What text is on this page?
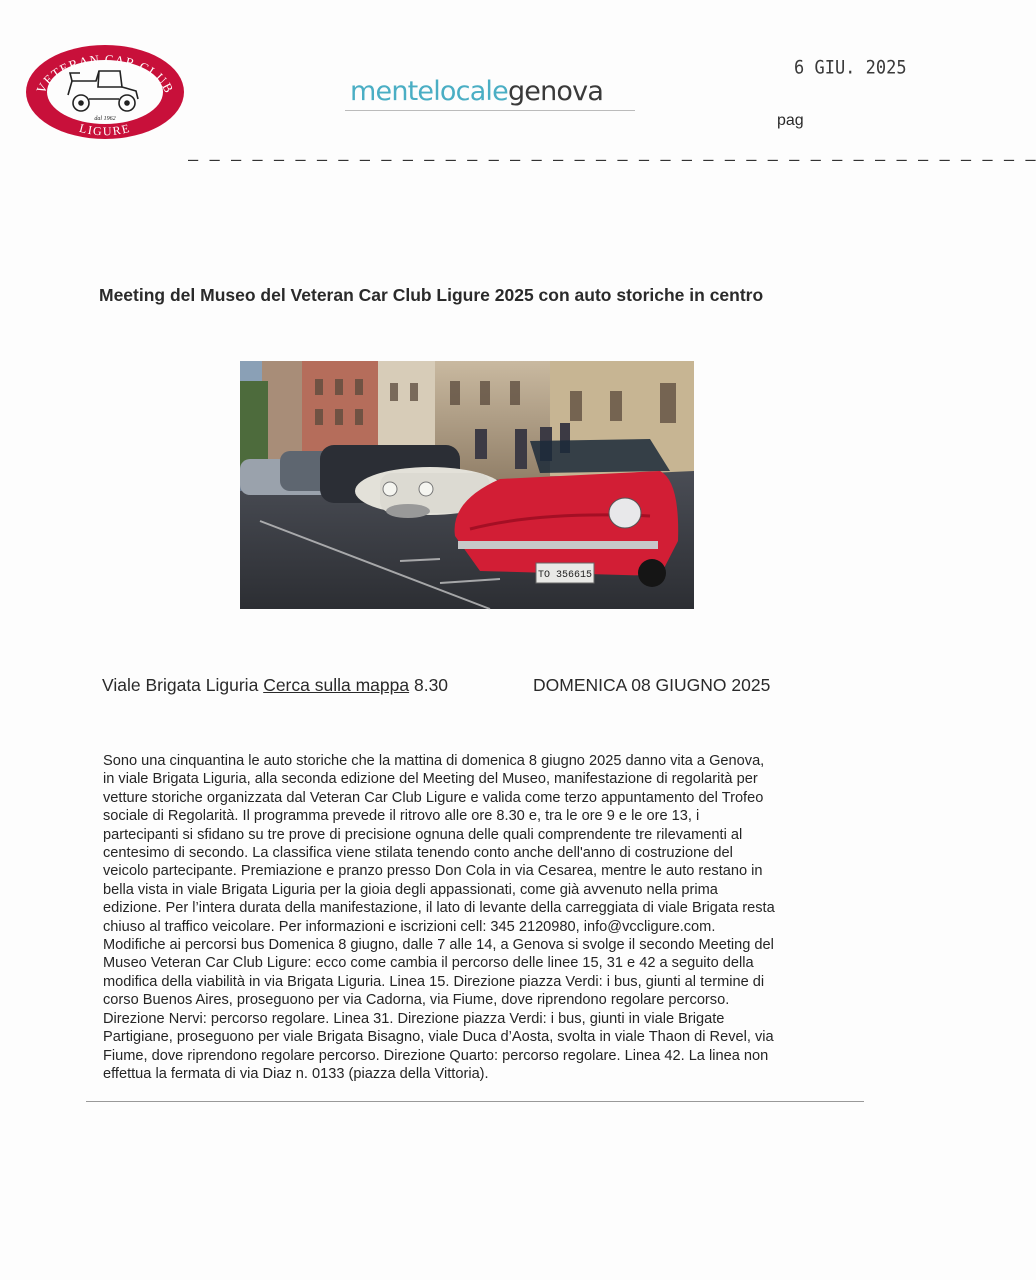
VETERAN CAR CLUB
LIGURE
dal 1962
mentelocalegenova
6 GIU. 2025
pag
– – – – – – – – – – – – – – – – – – – – – – – – – – – – – – – – – – – – – – – –
Meeting del Museo del Veteran Car Club Ligure 2025 con auto storiche in centro
TO 356615
Viale Brigata Liguria Cerca sulla mappa 8.30	DOMENICA 08 GIUGNO 2025
Sono una cinquantina le auto storiche che la mattina di domenica 8 giugno 2025 danno vita a Genova,
in viale Brigata Liguria, alla seconda edizione del Meeting del Museo, manifestazione di regolarità per
vetture storiche organizzata dal Veteran Car Club Ligure e valida come terzo appuntamento del Trofeo
sociale di Regolarità. Il programma prevede il ritrovo alle ore 8.30 e, tra le ore 9 e le ore 13, i
partecipanti si sfidano su tre prove di precisione ognuna delle quali comprendente tre rilevamenti al
centesimo di secondo. La classifica viene stilata tenendo conto anche dell'anno di costruzione del
veicolo partecipante. Premiazione e pranzo presso Don Cola in via Cesarea, mentre le auto restano in
bella vista in viale Brigata Liguria per la gioia degli appassionati, come già avvenuto nella prima
edizione. Per l’intera durata della manifestazione, il lato di levante della carreggiata di viale Brigata resta
chiuso al traffico veicolare. Per informazioni e iscrizioni cell: 345 2120980, info@vccligure.com.
Modifiche ai percorsi bus Domenica 8 giugno, dalle 7 alle 14, a Genova si svolge il secondo Meeting del
Museo Veteran Car Club Ligure: ecco come cambia il percorso delle linee 15, 31 e 42 a seguito della
modifica della viabilità in via Brigata Liguria. Linea 15. Direzione piazza Verdi: i bus, giunti al termine di
corso Buenos Aires, proseguono per via Cadorna, via Fiume, dove riprendono regolare percorso.
Direzione Nervi: percorso regolare. Linea 31. Direzione piazza Verdi: i bus, giunti in viale Brigate
Partigiane, proseguono per viale Brigata Bisagno, viale Duca d’Aosta, svolta in viale Thaon di Revel, via
Fiume, dove riprendono regolare percorso. Direzione Quarto: percorso regolare. Linea 42. La linea non
effettua la fermata di via Diaz n. 0133 (piazza della Vittoria).
